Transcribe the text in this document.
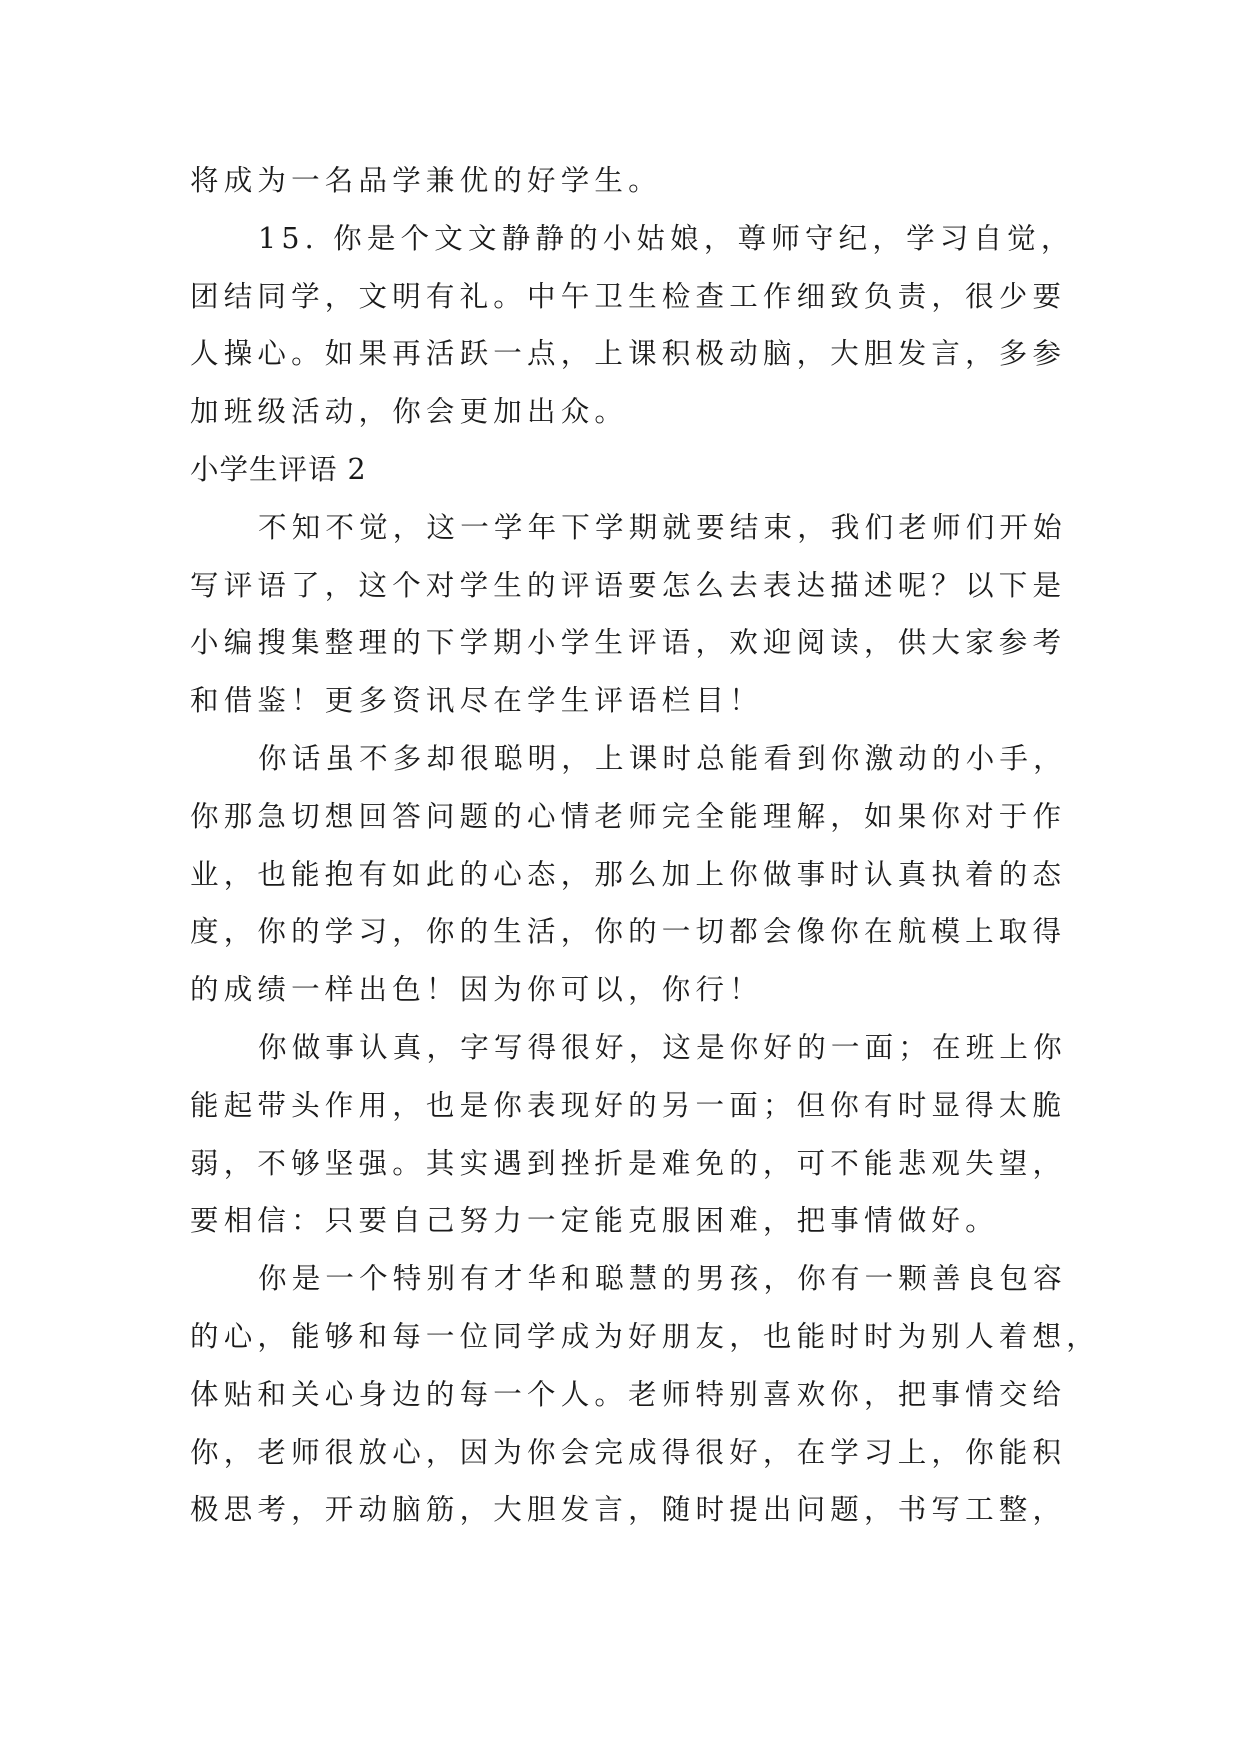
将成为一名品学兼优的好学生。

15. 你是个文文静静的小姑娘，尊师守纪，学习自觉，

团结同学，文明有礼。中午卫生检查工作细致负责，很少要

人操心。如果再活跃一点，上课积极动脑，大胆发言，多参

加班级活动，你会更加出众。

小学生评语 2

不知不觉，这一学年下学期就要结束，我们老师们开始

写评语了，这个对学生的评语要怎么去表达描述呢？以下是

小编搜集整理的下学期小学生评语，欢迎阅读，供大家参考

和借鉴！更多资讯尽在学生评语栏目！

你话虽不多却很聪明，上课时总能看到你激动的小手，

你那急切想回答问题的心情老师完全能理解，如果你对于作

业，也能抱有如此的心态，那么加上你做事时认真执着的态

度，你的学习，你的生活，你的一切都会像你在航模上取得

的成绩一样出色！因为你可以，你行！

你做事认真，字写得很好，这是你好的一面；在班上你

能起带头作用，也是你表现好的另一面；但你有时显得太脆

弱，不够坚强。其实遇到挫折是难免的，可不能悲观失望，

要相信：只要自己努力一定能克服困难，把事情做好。

你是一个特别有才华和聪慧的男孩，你有一颗善良包容

的心，能够和每一位同学成为好朋友，也能时时为别人着想，

体贴和关心身边的每一个人。老师特别喜欢你，把事情交给

你，老师很放心，因为你会完成得很好，在学习上，你能积

极思考，开动脑筋，大胆发言，随时提出问题，书写工整，
